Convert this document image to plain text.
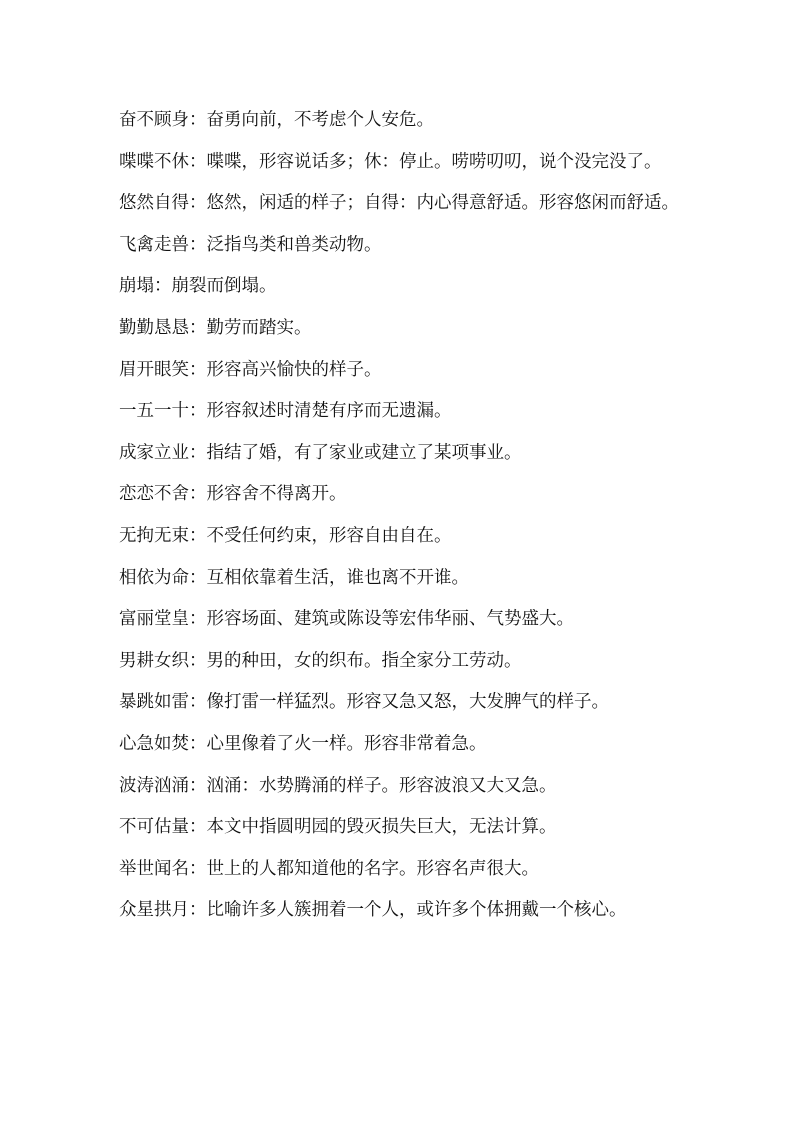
奋不顾身：奋勇向前，不考虑个人安危。
喋喋不休：喋喋，形容说话多；休：停止。唠唠叨叨，说个没完没了。
悠然自得：悠然，闲适的样子；自得：内心得意舒适。形容悠闲而舒适。
飞禽走兽：泛指鸟类和兽类动物。
崩塌：崩裂而倒塌。
勤勤恳恳：勤劳而踏实。
眉开眼笑：形容高兴愉快的样子。
一五一十：形容叙述时清楚有序而无遗漏。
成家立业：指结了婚，有了家业或建立了某项事业。
恋恋不舍：形容舍不得离开。
无拘无束：不受任何约束，形容自由自在。
相依为命：互相依靠着生活，谁也离不开谁。
富丽堂皇：形容场面、建筑或陈设等宏伟华丽、气势盛大。
男耕女织：男的种田，女的织布。指全家分工劳动。
暴跳如雷：像打雷一样猛烈。形容又急又怒，大发脾气的样子。
心急如焚：心里像着了火一样。形容非常着急。
波涛汹涌：汹涌：水势腾涌的样子。形容波浪又大又急。
不可估量：本文中指圆明园的毁灭损失巨大，无法计算。
举世闻名：世上的人都知道他的名字。形容名声很大。
众星拱月：比喻许多人簇拥着一个人，或许多个体拥戴一个核心。
